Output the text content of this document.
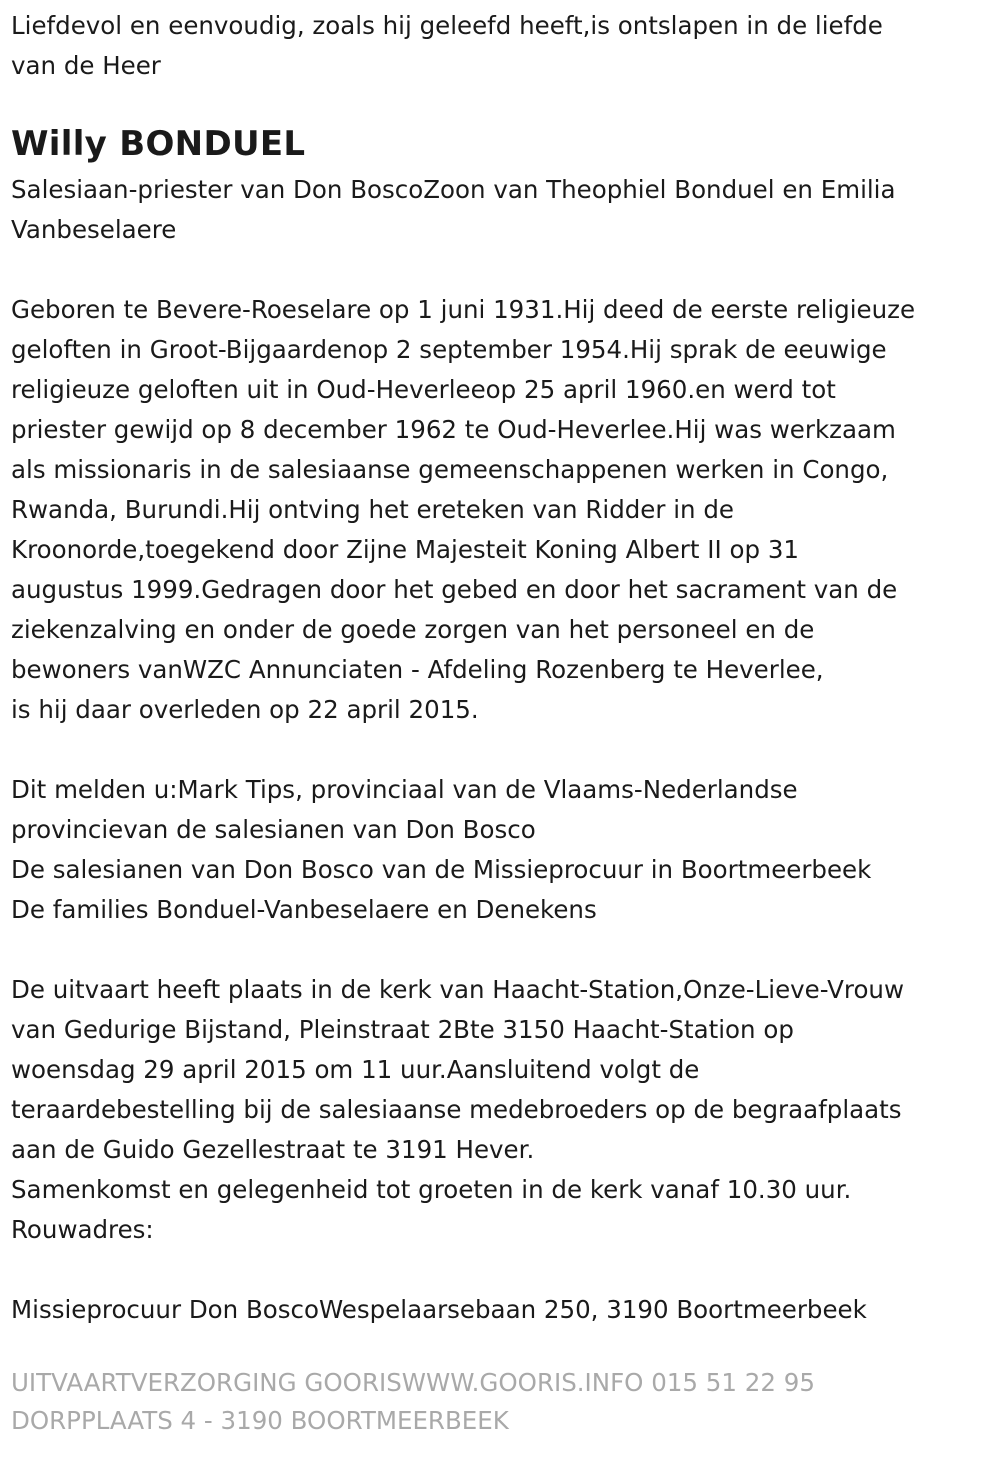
Liefdevol en eenvoudig, zoals hij geleefd heeft,is ontslapen in de liefde
van de Heer
Willy BONDUEL
Salesiaan-priester van Don BoscoZoon van Theophiel Bonduel en Emilia
Vanbeselaere
Geboren te Bevere-Roeselare op 1 juni 1931.Hij deed de eerste religieuze
geloften in Groot-Bijgaardenop 2 september 1954.Hij sprak de eeuwige
religieuze geloften uit in Oud-Heverleeop 25 april 1960.en werd tot
priester gewijd op 8 december 1962 te Oud-Heverlee.Hij was werkzaam
als missionaris in de salesiaanse gemeenschappenen werken in Congo,
Rwanda, Burundi.Hij ontving het ereteken van Ridder in de
Kroonorde,toegekend door Zijne Majesteit Koning Albert II op 31
augustus 1999.Gedragen door het gebed en door het sacrament van de
ziekenzalving en onder de goede zorgen van het personeel en de
bewoners vanWZC Annunciaten - Afdeling Rozenberg te Heverlee,
is hij daar overleden op 22 april 2015.
Dit melden u:Mark Tips, provinciaal van de Vlaams-Nederlandse
provincievan de salesianen van Don Bosco
De salesianen van Don Bosco van de Missieprocuur in Boortmeerbeek
De families Bonduel-Vanbeselaere en Denekens
De uitvaart heeft plaats in de kerk van Haacht-Station,Onze-Lieve-Vrouw
van Gedurige Bijstand, Pleinstraat 2Bte 3150 Haacht-Station op
woensdag 29 april 2015 om 11 uur.Aansluitend volgt de
teraardebestelling bij de salesiaanse medebroeders op de begraafplaats
aan de Guido Gezellestraat te 3191 Hever.
Samenkomst en gelegenheid tot groeten in de kerk vanaf 10.30 uur.
Rouwadres:
Missieprocuur Don BoscoWespelaarsebaan 250, 3190 Boortmeerbeek
UITVAARTVERZORGING GOORISWWW.GOORIS.INFO 015 51 22 95
DORPPLAATS 4 - 3190 BOORTMEERBEEK
